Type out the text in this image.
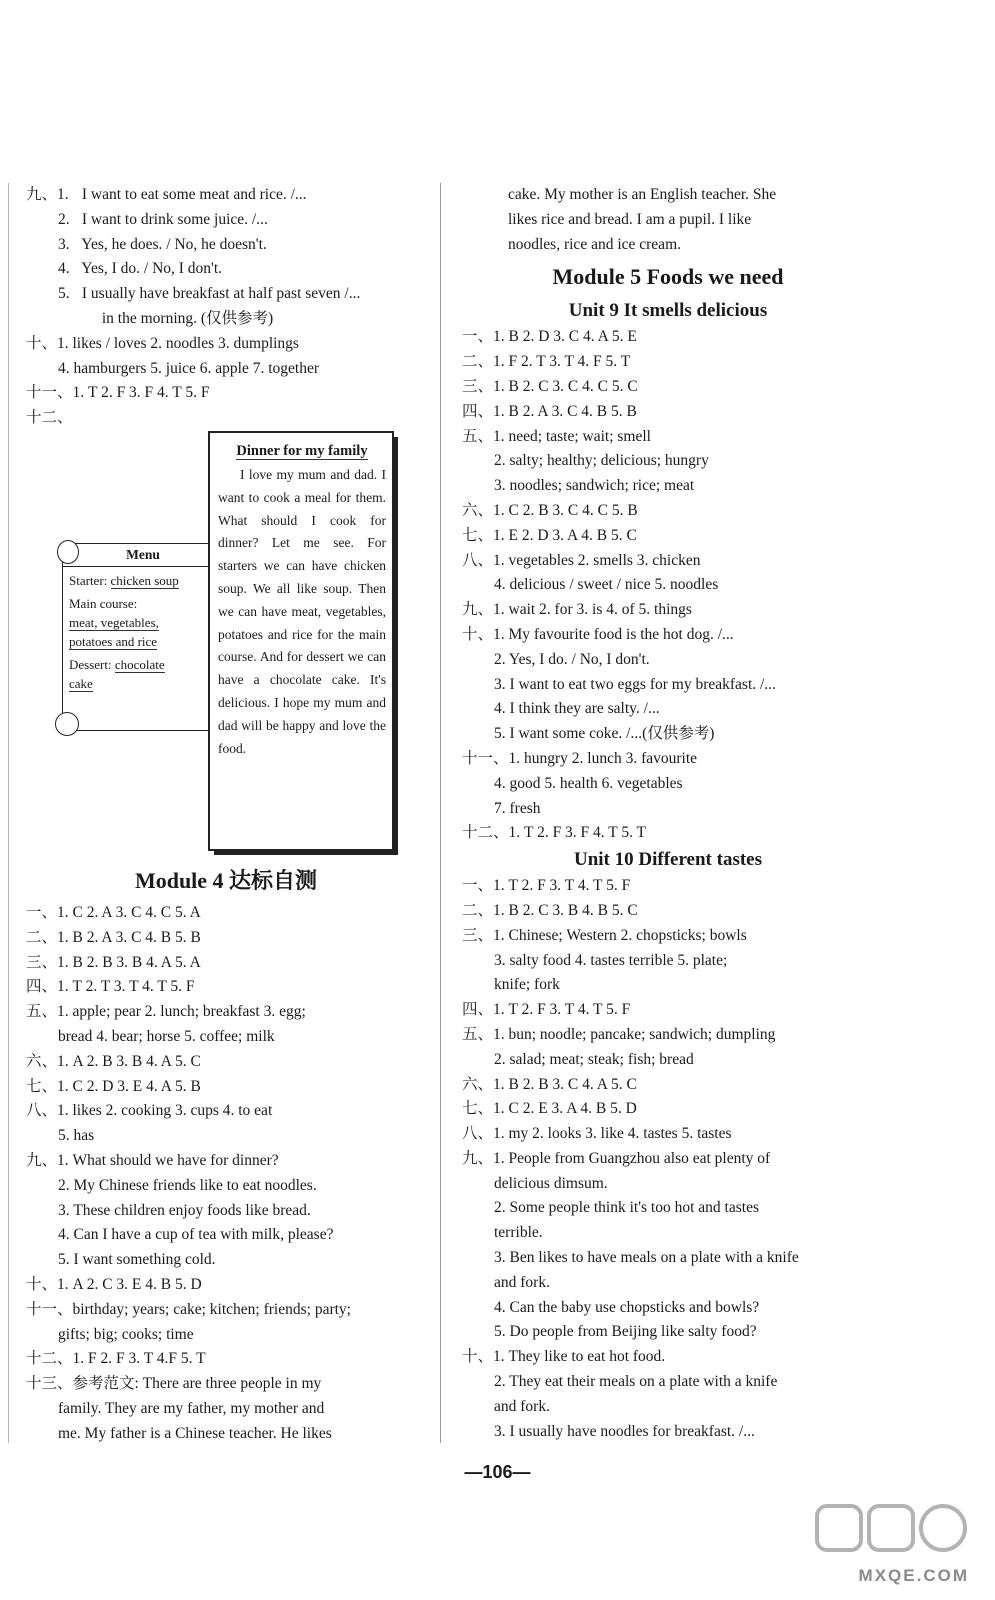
九、1. I want to eat some meat and rice. /...
2. I want to drink some juice. /...
3. Yes, he does. / No, he doesn't.
4. Yes, I do. / No, I don't.
5. I usually have breakfast at half past seven /...
in the morning. (仅供参考)
十、1. likes / loves 2. noodles 3. dumplings
4. hamburgers 5. juice 6. apple 7. together
十一、1. T 2. F 3. F 4. T 5. F
十二、
Menu
Starter: chicken soup
Main course:
meat, vegetables,
potatoes and rice
Dessert: chocolate
cake
Dinner for my family
I love my mum and dad. I want to cook a meal for them. What should I cook for dinner? Let me see. For starters we can have chicken soup. We all like soup. Then we can have meat, vegetables, potatoes and rice for the main course. And for dessert we can have a chocolate cake. It's delicious. I hope my mum and dad will be happy and love the food.
Module 4 达标自测
一、1. C 2. A 3. C 4. C 5. A
二、1. B 2. A 3. C 4. B 5. B
三、1. B 2. B 3. B 4. A 5. A
四、1. T 2. T 3. T 4. T 5. F
五、1. apple; pear 2. lunch; breakfast 3. egg;
bread 4. bear; horse 5. coffee; milk
六、1. A 2. B 3. B 4. A 5. C
七、1. C 2. D 3. E 4. A 5. B
八、1. likes 2. cooking 3. cups 4. to eat
5. has
九、1. What should we have for dinner?
2. My Chinese friends like to eat noodles.
3. These children enjoy foods like bread.
4. Can I have a cup of tea with milk, please?
5. I want something cold.
十、1. A 2. C 3. E 4. B 5. D
十一、birthday; years; cake; kitchen; friends; party;
gifts; big; cooks; time
十二、1. F 2. F 3. T 4.F 5. T
十三、参考范文: There are three people in my
family. They are my father, my mother and
me. My father is a Chinese teacher. He likes
cake. My mother is an English teacher. She
likes rice and bread. I am a pupil. I like
noodles, rice and ice cream.
Module 5 Foods we need
Unit 9 It smells delicious
一、1. B 2. D 3. C 4. A 5. E
二、1. F 2. T 3. T 4. F 5. T
三、1. B 2. C 3. C 4. C 5. C
四、1. B 2. A 3. C 4. B 5. B
五、1. need; taste; wait; smell
2. salty; healthy; delicious; hungry
3. noodles; sandwich; rice; meat
六、1. C 2. B 3. C 4. C 5. B
七、1. E 2. D 3. A 4. B 5. C
八、1. vegetables 2. smells 3. chicken
4. delicious / sweet / nice 5. noodles
九、1. wait 2. for 3. is 4. of 5. things
十、1. My favourite food is the hot dog. /...
2. Yes, I do. / No, I don't.
3. I want to eat two eggs for my breakfast. /...
4. I think they are salty. /...
5. I want some coke. /...(仅供参考)
十一、1. hungry 2. lunch 3. favourite
4. good 5. health 6. vegetables
7. fresh
十二、1. T 2. F 3. F 4. T 5. T
Unit 10 Different tastes
一、1. T 2. F 3. T 4. T 5. F
二、1. B 2. C 3. B 4. B 5. C
三、1. Chinese; Western 2. chopsticks; bowls
3. salty food 4. tastes terrible 5. plate;
knife; fork
四、1. T 2. F 3. T 4. T 5. F
五、1. bun; noodle; pancake; sandwich; dumpling
2. salad; meat; steak; fish; bread
六、1. B 2. B 3. C 4. A 5. C
七、1. C 2. E 3. A 4. B 5. D
八、1. my 2. looks 3. like 4. tastes 5. tastes
九、1. People from Guangzhou also eat plenty of
delicious dimsum.
2. Some people think it's too hot and tastes
terrible.
3. Ben likes to have meals on a plate with a knife
and fork.
4. Can the baby use chopsticks and bowls?
5. Do people from Beijing like salty food?
十、1. They like to eat hot food.
2. They eat their meals on a plate with a knife
and fork.
3. I usually have noodles for breakfast. /...
—106—
MXQE.COM
